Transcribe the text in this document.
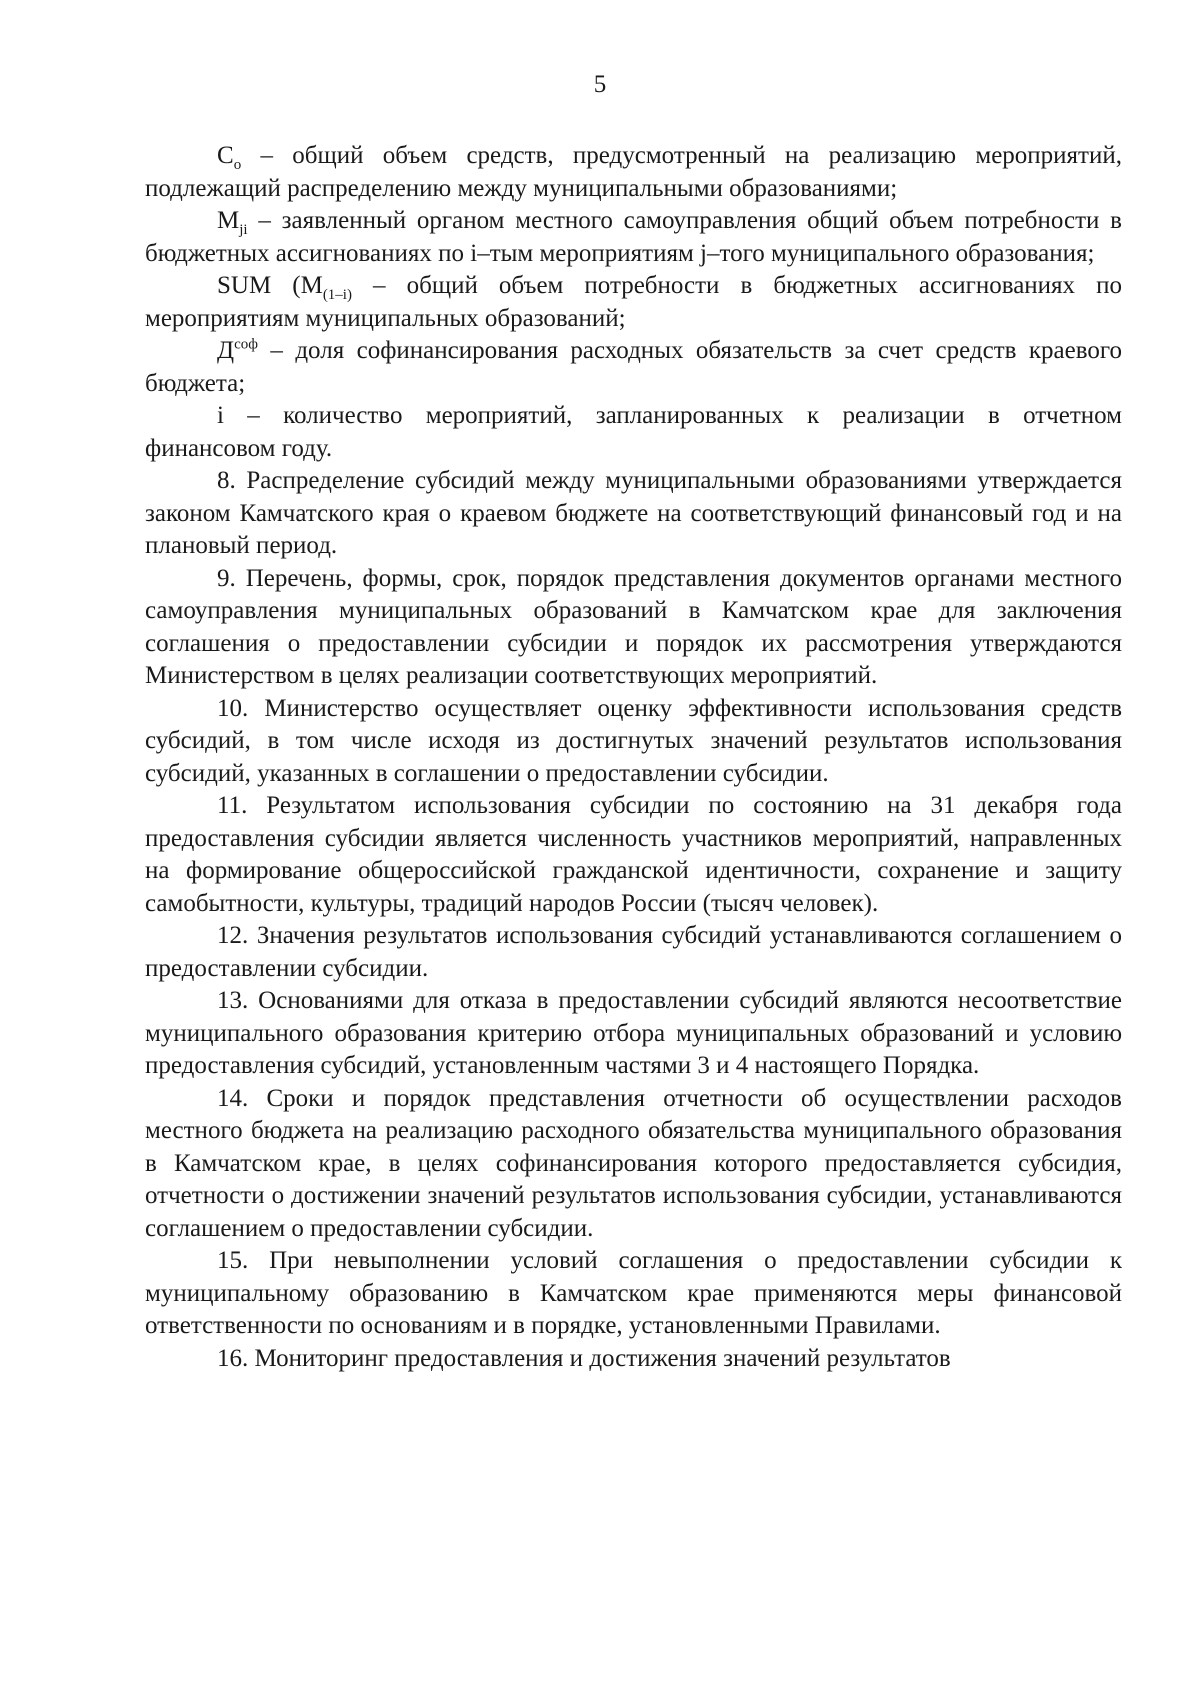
5

$С_о$ – общий объем средств, предусмотренный на реализацию мероприятий, подлежащий распределению между муниципальными образованиями;

$M_{ji}$ – заявленный органом местного самоуправления общий объем потребности в бюджетных ассигнованиях по i–тым мероприятиям j–того муниципального образования;

SUM ($M_{(1-i)}$ – общий объем потребности в бюджетных ассигнованиях по мероприятиям муниципальных образований;

$Д^{соф}$ – доля софинансирования расходных обязательств за счет средств краевого бюджета;

i – количество мероприятий, запланированных к реализации в отчетном финансовом году.

8. Распределение субсидий между муниципальными образованиями утверждается законом Камчатского края о краевом бюджете на соответствующий финансовый год и на плановый период.

9. Перечень, формы, срок, порядок представления документов органами местного самоуправления муниципальных образований в Камчатском крае для заключения соглашения о предоставлении субсидии и порядок их рассмотрения утверждаются Министерством в целях реализации соответствующих мероприятий.

10. Министерство осуществляет оценку эффективности использования средств субсидий, в том числе исходя из достигнутых значений результатов использования субсидий, указанных в соглашении о предоставлении субсидии.

11. Результатом использования субсидии по состоянию на 31 декабря года предоставления субсидии является численность участников мероприятий, направленных на формирование общероссийской гражданской идентичности, сохранение и защиту самобытности, культуры, традиций народов России (тысяч человек).

12. Значения результатов использования субсидий устанавливаются соглашением о предоставлении субсидии.

13. Основаниями для отказа в предоставлении субсидий являются несоответствие муниципального образования критерию отбора муниципальных образований и условию предоставления субсидий, установленным частями 3 и 4 настоящего Порядка.

14. Сроки и порядок представления отчетности об осуществлении расходов местного бюджета на реализацию расходного обязательства муниципального образования в Камчатском крае, в целях софинансирования которого предоставляется субсидия, отчетности о достижении значений результатов использования субсидии, устанавливаются соглашением о предоставлении субсидии.

15. При невыполнении условий соглашения о предоставлении субсидии к муниципальному образованию в Камчатском крае применяются меры финансовой ответственности по основаниям и в порядке, установленными Правилами.

16. Мониторинг предоставления и достижения значений результатов
